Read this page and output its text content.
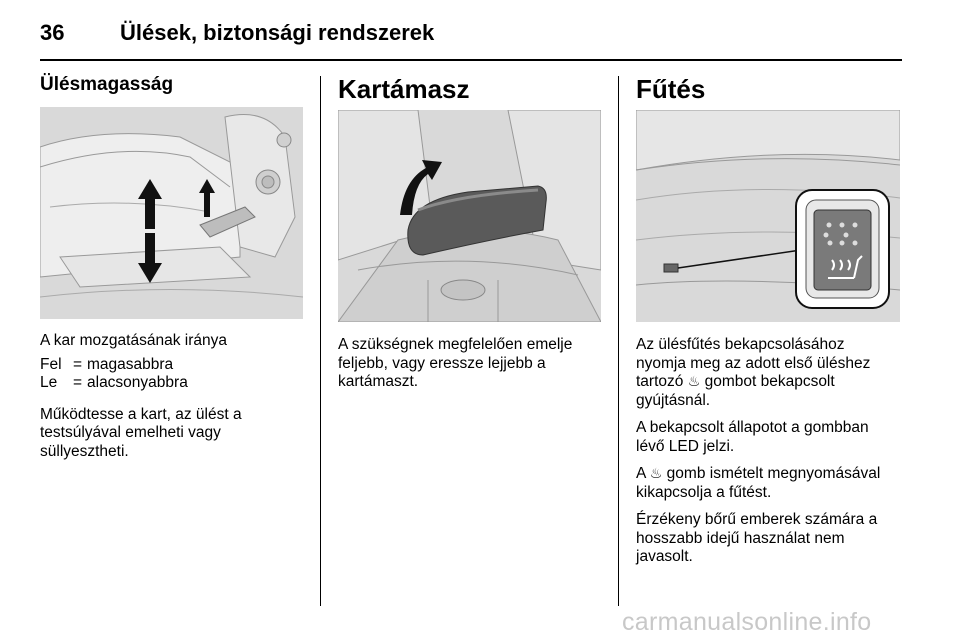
36	Ülések, biztonsági rendszerek
Ülésmagasság

A kar mozgatásának iránya

Fel = magasabbra
Le	= alacsonyabbra

Működtesse a kart, az ülést a
testsúlyával emelheti vagy
süllyesztheti.

Kartámasz

A szükségnek megfelelően emelje
feljebb, vagy eressze lejjebb a
kartámaszt.

Fűtés

Az ülésfűtés bekapcsolásához
nyomja meg az adott első üléshez
tartozó ♨ gombot bekapcsolt
gyújtásnál.

A bekapcsolt állapotot a gombban
lévő LED jelzi.

A ♨ gomb ismételt megnyomásával
kikapcsolja a fűtést.

Érzékeny bőrű emberek számára a
hosszabb idejű használat nem
javasolt.

carmanualsonline.info
